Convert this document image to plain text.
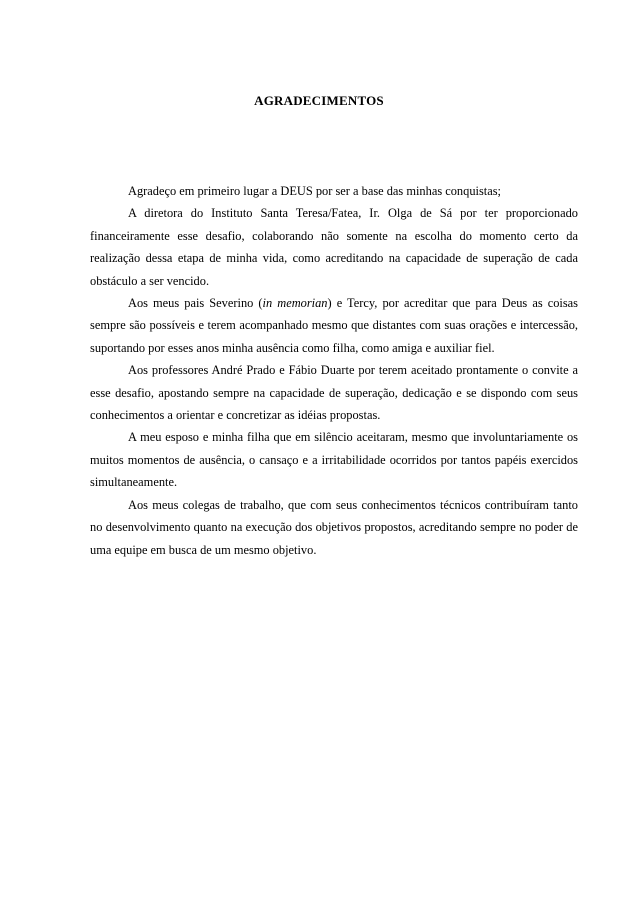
AGRADECIMENTOS

Agradeço em primeiro lugar a DEUS por ser a base das minhas conquistas;

A diretora do Instituto Santa Teresa/Fatea, Ir. Olga de Sá por ter proporcionado financeiramente esse desafio, colaborando não somente na escolha do momento certo da realização dessa etapa de minha vida, como acreditando na capacidade de superação de cada obstáculo a ser vencido.

Aos meus pais Severino (in memorian) e Tercy, por acreditar que para Deus as coisas sempre são possíveis e terem acompanhado mesmo que distantes com suas orações e intercessão, suportando por esses anos minha ausência como filha, como amiga e auxiliar fiel.

Aos professores André Prado e Fábio Duarte por terem aceitado prontamente o convite a esse desafio, apostando sempre na capacidade de superação, dedicação e se dispondo com seus conhecimentos a orientar e concretizar as idéias propostas.

A meu esposo e minha filha que em silêncio aceitaram, mesmo que involuntariamente os muitos momentos de ausência, o cansaço e a irritabilidade ocorridos por tantos papéis exercidos simultaneamente.

Aos meus colegas de trabalho, que com seus conhecimentos técnicos contribuíram tanto no desenvolvimento quanto na execução dos objetivos propostos, acreditando sempre no poder de uma equipe em busca de um mesmo objetivo.
